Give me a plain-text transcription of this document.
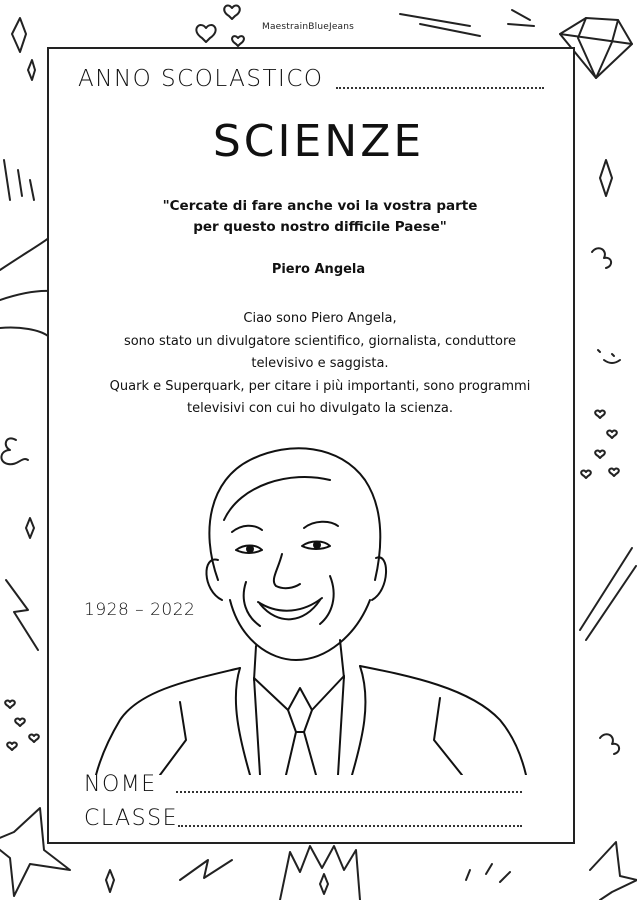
MaestrainBlueJeans
ANNO SCOLASTICO
SCIENZE
"Cercate di fare anche voi la vostra parte
per questo nostro difficile Paese"
Piero Angela
Ciao sono Piero Angela,
sono stato un divulgatore scientifico, giornalista, conduttore
televisivo e saggista.
Quark e Superquark, per citare i più importanti, sono programmi
televisivi con cui ho divulgato la scienza.
1928 – 2022
NOME
CLASSE
